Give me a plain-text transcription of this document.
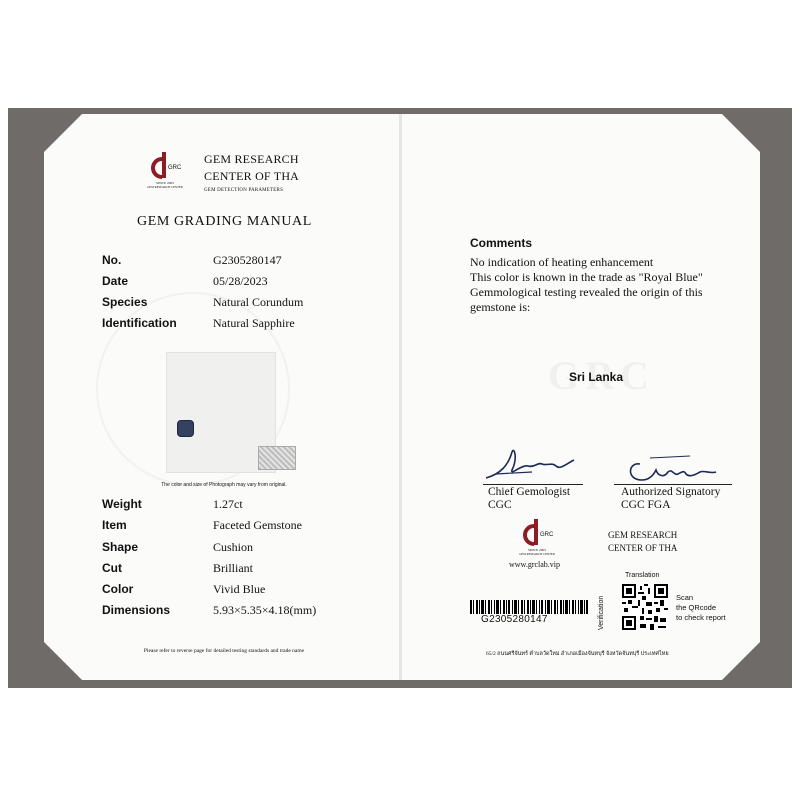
GRC
SINCE 2005
GEM RESEARCH CENTER
GEM RESEARCH
CENTER OF THA
GEM DETECTION PARAMETERS
GEM GRADING MANUAL
No.	G2305280147
Date	05/28/2023
Species	Natural Corundum
Identification	Natural Sapphire
The color and size of Photograph may vary from original.
Weight	1.27ct
Item	Faceted Gemstone
Shape	Cushion
Cut	Brilliant
Color	Vivid Blue
Dimensions	5.93×5.35×4.18(mm)
Please refer to reverse page for detailed testing standards and trade name
Comments
No indication of heating enhancement
This color is known in the trade as "Royal Blue"
Gemmological testing revealed the origin of this
gemstone is:
Sri Lanka
Chief Gemologist
CGC
Authorized Signatory
CGC FGA
GRC
SINCE 2005
GEM RESEARCH CENTER
www.grclab.vip
GEM RESEARCH
CENTER OF THA
G2305280147
Translation
Verification	Scan
the QRcode
to check report
65/2 ถนนศรีจันทร์ ตำบลวัดใหม่ อำเภอเมืองจันทบุรี จังหวัดจันทบุรี ประเทศไทย
